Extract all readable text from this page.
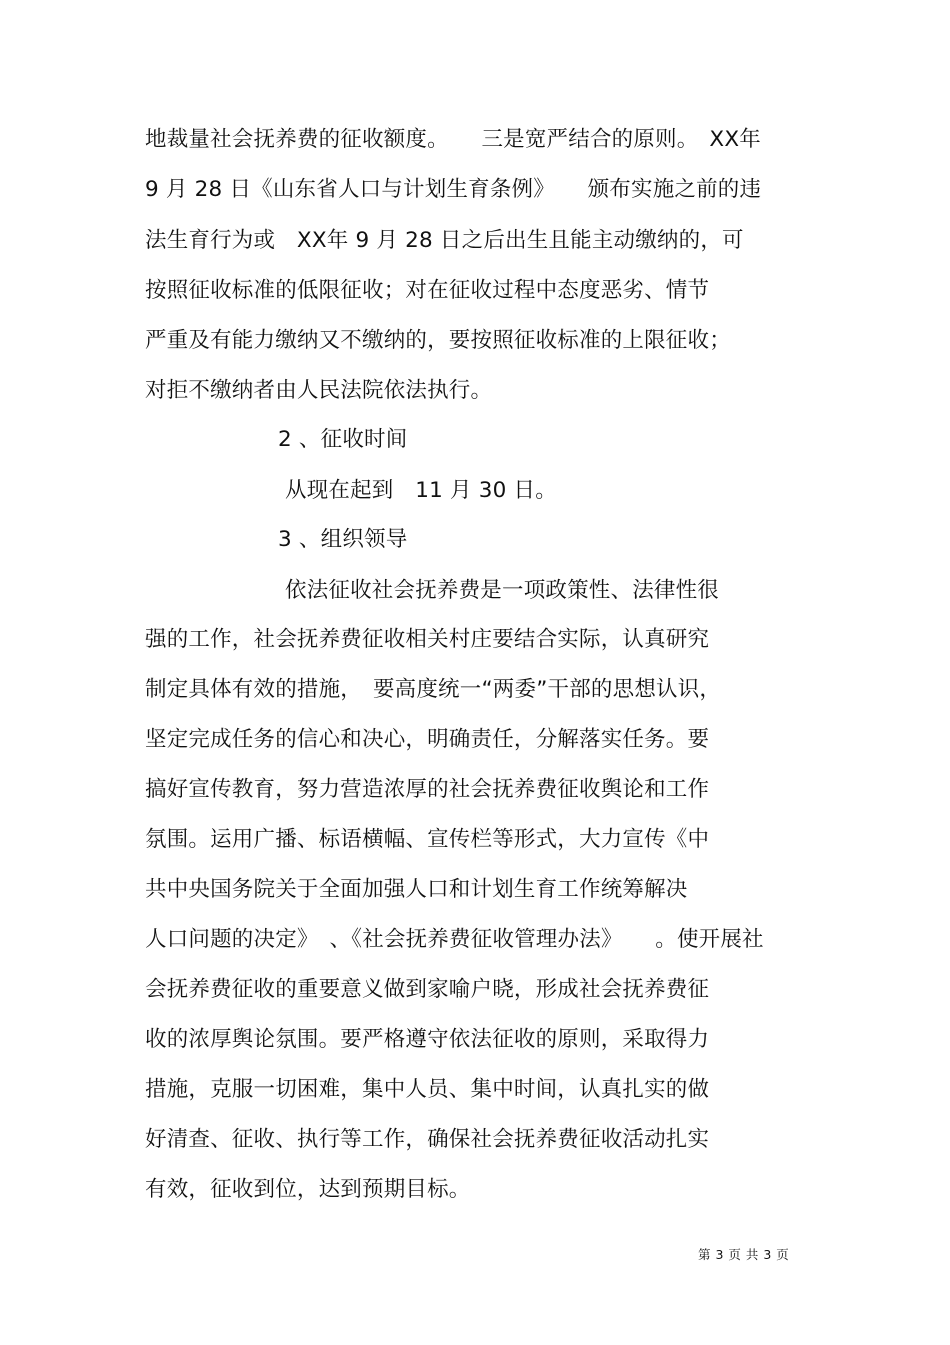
地裁量社会抚养费的征收额度。　　三是宽严结合的原则。　XX年
9 月 28 日《山东省人口与计划生育条例》　　颁布实施之前的违
法生育行为或　XX年 9 月 28 日之后出生且能主动缴纳的，可
按照征收标准的低限征收；对在征收过程中态度恶劣、情节
严重及有能力缴纳又不缴纳的，要按照征收标准的上限征收；
对拒不缴纳者由人民法院依法执行。
2 、征收时间
从现在起到　11 月 30 日。
3 、组织领导
依法征收社会抚养费是一项政策性、法律性很
强的工作，社会抚养费征收相关村庄要结合实际，认真研究
制定具体有效的措施，　要高度统一“两委”干部的思想认识，
坚定完成任务的信心和决心，明确责任，分解落实任务。要
搞好宣传教育，努力营造浓厚的社会抚养费征收舆论和工作
氛围。运用广播、标语横幅、宣传栏等形式，大力宣传《中
共中央国务院关于全面加强人口和计划生育工作统筹解决
人口问题的决定》　、《社会抚养费征收管理办法》　　。使开展社
会抚养费征收的重要意义做到家喻户晓，形成社会抚养费征
收的浓厚舆论氛围。要严格遵守依法征收的原则，采取得力
措施，克服一切困难，集中人员、集中时间，认真扎实的做
好清查、征收、执行等工作，确保社会抚养费征收活动扎实
有效，征收到位，达到预期目标。
第 3 页 共 3 页
